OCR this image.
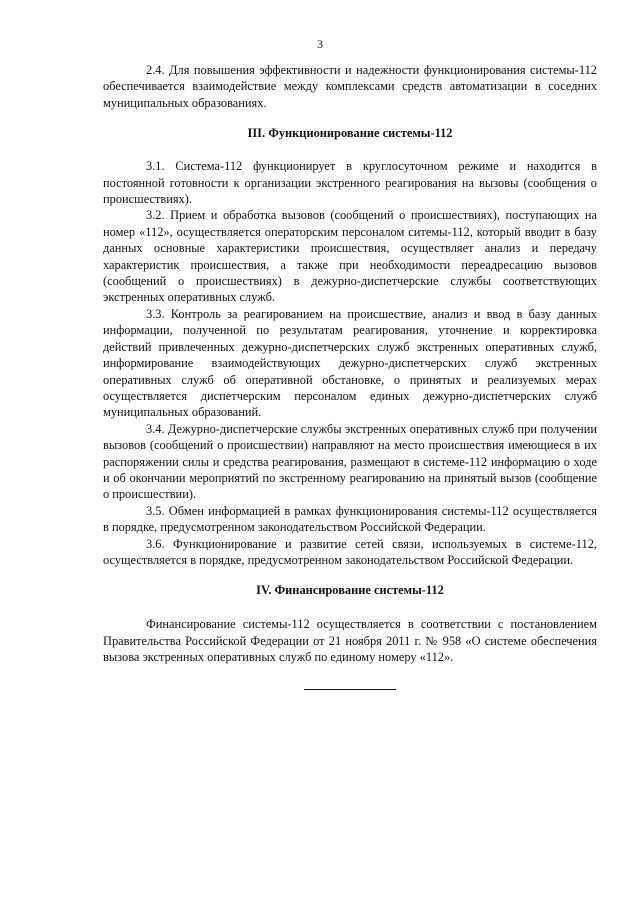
3

2.4. Для повышения эффективности и надежности функционирования системы-112 обеспечивается взаимодействие между комплексами средств автоматизации в соседних муниципальных образованиях.

III. Функционирование системы-112

3.1. Система-112 функционирует в круглосуточном режиме и находится в постоянной готовности к организации экстренного реагирования на вызовы (сообщения о происшествиях).

3.2. Прием и обработка вызовов (сообщений о происшествиях), поступающих на номер «112», осуществляется операторским персоналом ситемы-112, который вводит в базу данных основные характеристики происшествия, осуществляет анализ и передачу характеристик происшествия, а также при необходимости переадресацию вызовов (сообщений о происшествиях) в дежурно-диспетчерские службы соответствующих экстренных оперативных служб.

3.3. Контроль за реагированием на происшествие, анализ и ввод в базу данных информации, полученной по результатам реагирования, уточнение и корректировка действий привлеченных дежурно-диспетчерских служб экстренных оперативных служб, информирование взаимодействующих дежурно-диспетчерских служб экстренных оперативных служб об оперативной обстановке, о принятых и реализуемых мерах осуществляется диспетчерским персоналом единых дежурно-диспетчерских служб муниципальных образований.

3.4. Дежурно-диспетчерские службы экстренных оперативных служб при получении вызовов (сообщений о происшествии) направляют на место происшествия имеющиеся в их распоряжении силы и средства реагирования, размещают в системе-112 информацию о ходе и об окончании мероприятий по экстренному реагированию на принятый вызов (сообщение о происшествии).

3.5. Обмен информацией в рамках функционирования системы-112 осуществляется в порядке, предусмотренном законодательством Российской Федерации.

3.6. Функционирование и развитие сетей связи, используемых в системе-112, осуществляется в порядке, предусмотренном законодательством Российской Федерации.

IV. Финансирование системы-112

Финансирование системы-112 осуществляется в соответствии с постановлением Правительства Российской Федерации от 21 ноября 2011 г. № 958 «О системе обеспечения вызова экстренных оперативных служб по единому номеру «112».
